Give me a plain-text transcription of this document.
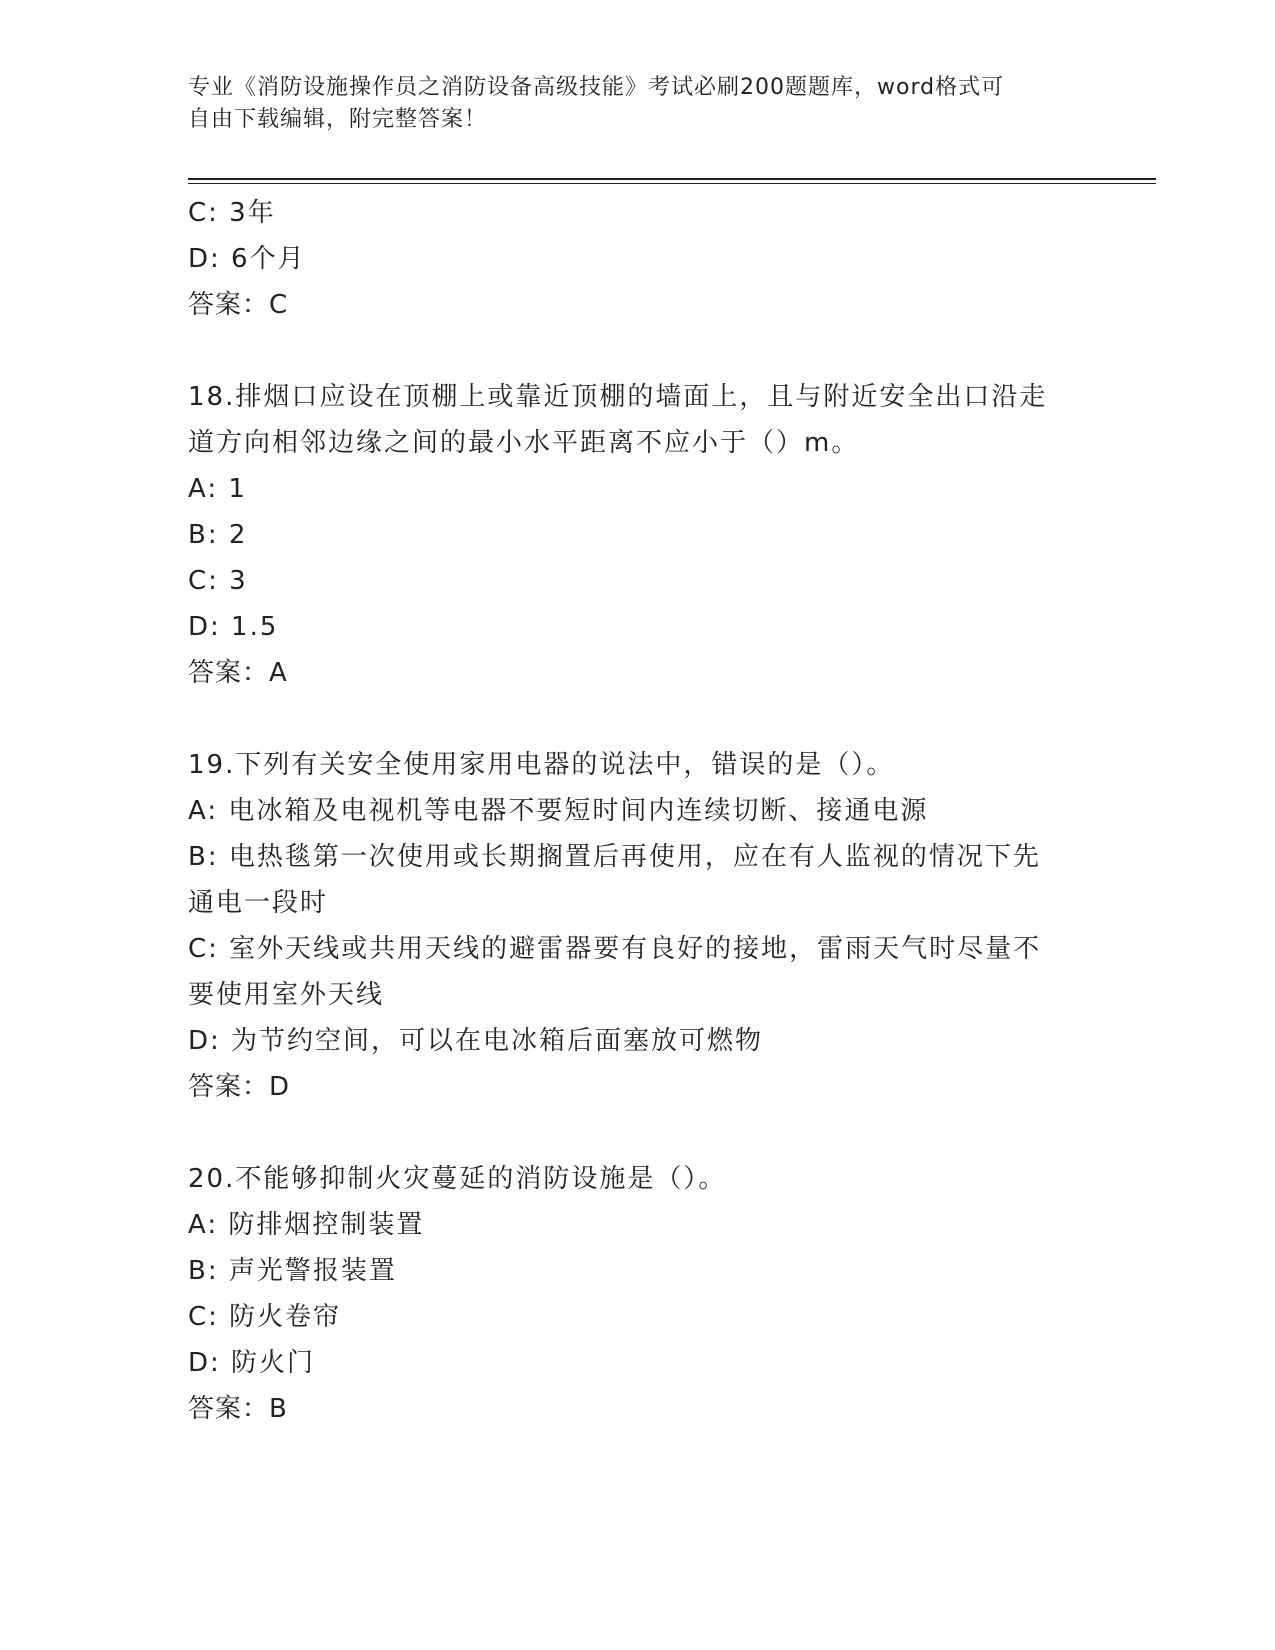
专业《消防设施操作员之消防设备高级技能》考试必刷200题题库，word格式可
自由下载编辑，附完整答案！
C: 3年
D: 6个月
答案：C
18.排烟口应设在顶棚上或靠近顶棚的墙面上，且与附近安全出口沿走
道方向相邻边缘之间的最小水平距离不应小于（）m。
A: 1
B: 2
C: 3
D: 1.5
答案：A
19.下列有关安全使用家用电器的说法中，错误的是（）。
A: 电冰箱及电视机等电器不要短时间内连续切断、接通电源
B: 电热毯第一次使用或长期搁置后再使用，应在有人监视的情况下先
通电一段时
C: 室外天线或共用天线的避雷器要有良好的接地，雷雨天气时尽量不
要使用室外天线
D: 为节约空间，可以在电冰箱后面塞放可燃物
答案：D
20.不能够抑制火灾蔓延的消防设施是（）。
A: 防排烟控制装置
B: 声光警报装置
C: 防火卷帘
D: 防火门
答案：B
